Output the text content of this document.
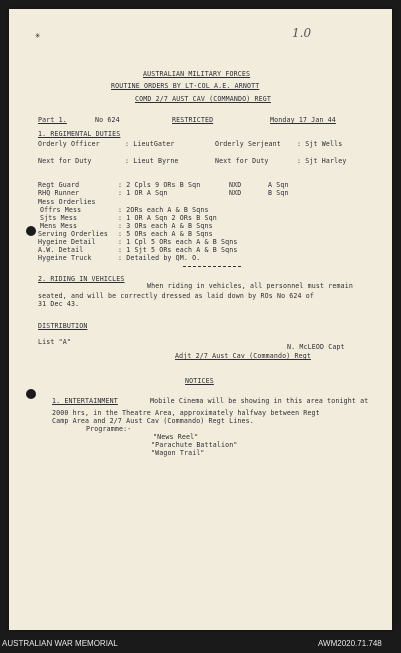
✳	1.0
AUSTRALIAN MILITARY FORCES
ROUTINE ORDERS BY LT-COL A.E. ARNOTT
COMD 2/7 AUST CAV (COMMANDO) REGT
Part 1.	No 624	RESTRICTED	Monday 17 Jan 44
1. REGIMENTAL DUTIES
Orderly Officer	: LieutGater	Orderly Serjeant : Sjt Wells
Next for Duty	: Lieut Byrne	Next for Duty	: Sjt Harley
Regt Guard	: 2 Cpls 9 ORs B Sqn	NXD	A Sqn
RHQ Runner	: 1 OR A Sqn	NXD	B Sqn
Mess Orderlies
Offrs Mess	: 2ORs each A & B Sqns
Sjts Mess	: 1 OR A Sqn 2 ORs B Sqn
Mens Mess	: 3 ORs each A & B Sqns
Serving Orderlies : 5 ORs each A & B Sqns
Hygeine Detail	: 1 Cpl 5 ORs each A & B Sqns
A.W. Detail	: 1 Sjt 5 ORs each A & B Sqns
Hygeine Truck	: Detailed by QM. O.
2. RIDING IN VEHICLES
When riding in vehicles, all personnel must remain
seated, and will be correctly dressed as laid down by ROs No 624 of
31 Dec 43.
DISTRIBUTION
List "A"
N. McLEOD Capt
Adjt 2/7 Aust Cav (Commando) Regt
NOTICES
1. ENTERTAINMENT	Mobile Cinema will be showing in this area tonight at
2000 hrs, in the Theatre Area, approximately halfway between Regt
Camp Area and 2/7 Aust Cav (Commando) Regt Lines.
Programme:-
"News Reel"
"Parachute Battalion"
"Wagon Trail"
AUSTRALIAN WAR MEMORIAL	AWM2020.71.748
